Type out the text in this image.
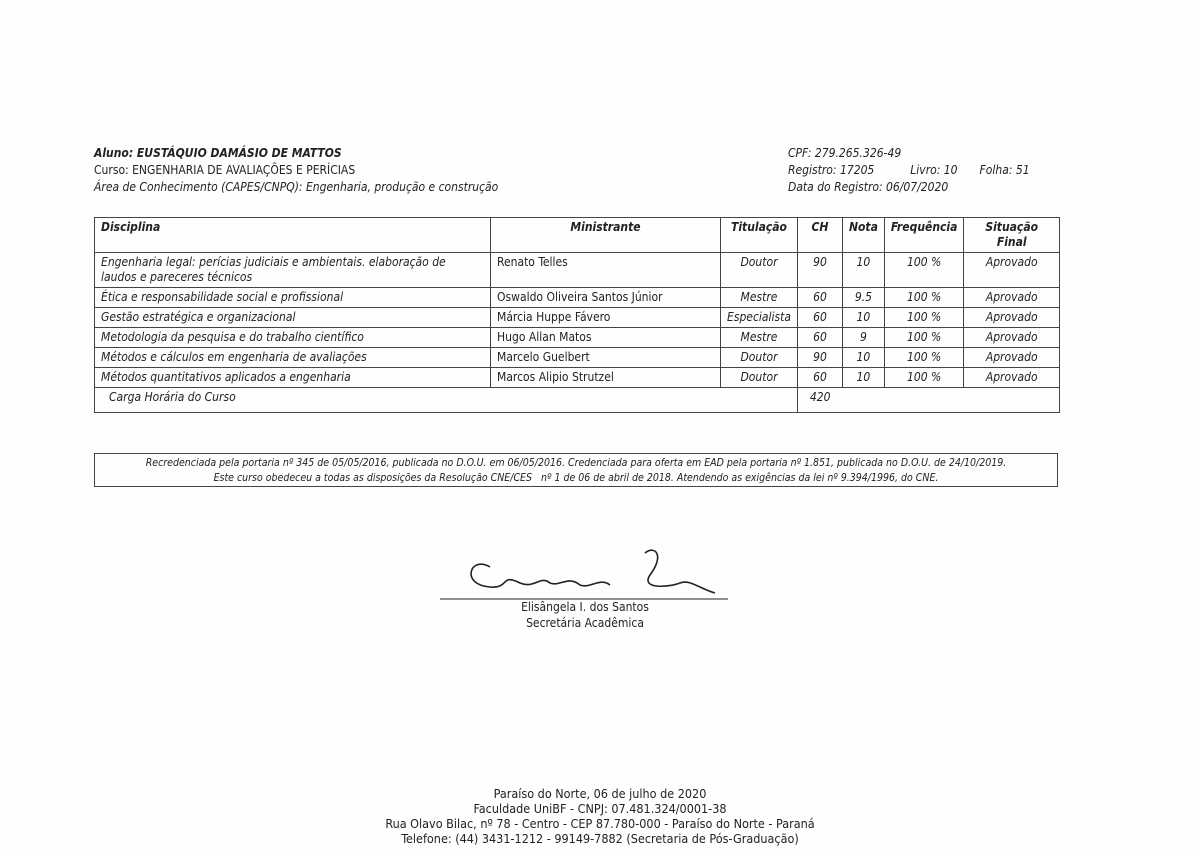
Aluno: EUSTÁQUIO DAMÁSIO DE MATTOS
Curso: ENGENHARIA DE AVALIAÇÕES E PERÍCIAS
Área de Conhecimento (CAPES/CNPQ): Engenharia, produção e construção
CPF: 279.265.326-49
Registro: 17205	Livro: 10 Folha: 51
Data do Registro: 06/07/2020
Disciplina	Ministrante	Titulação	CH	Nota	Frequência	Situação Final
Engenharia legal: perícias judiciais e ambientais. elaboração de laudos e pareceres técnicos	Renato Telles	Doutor	90	10	100 %	Aprovado
Ética e responsabilidade social e profissional	Oswaldo Oliveira Santos Júnior	Mestre	60	9.5	100 %	Aprovado
Gestão estratégica e organizacional	Márcia Huppe Fávero	Especialista	60	10	100 %	Aprovado
Metodologia da pesquisa e do trabalho científico	Hugo Allan Matos	Mestre	60	9	100 %	Aprovado
Métodos e cálculos em engenharia de avaliações	Marcelo Guelbert	Doutor	90	10	100 %	Aprovado
Métodos quantitativos aplicados a engenharia	Marcos Alipio Strutzel	Doutor	60	10	100 %	Aprovado
Carga Horária do Curso			420			
Recredenciada pela portaria nº 345 de 05/05/2016, publicada no D.O.U. em 06/05/2016. Credenciada para oferta em EAD pela portaria nº 1.851, publicada no D.O.U. de 24/10/2019.
Este curso obedeceu a todas as disposições da Resolução CNE/CES   nº 1 de 06 de abril de 2018. Atendendo as exigências da lei nº 9.394/1996, do CNE.
Elisângela I. dos Santos
Secretária Acadêmica
Paraíso do Norte, 06 de julho de 2020
Faculdade UniBF - CNPJ: 07.481.324/0001-38
Rua Olavo Bilac, nº 78 - Centro - CEP 87.780-000 - Paraíso do Norte - Paraná
Telefone: (44) 3431-1212 - 99149-7882 (Secretaria de Pós-Graduação)
